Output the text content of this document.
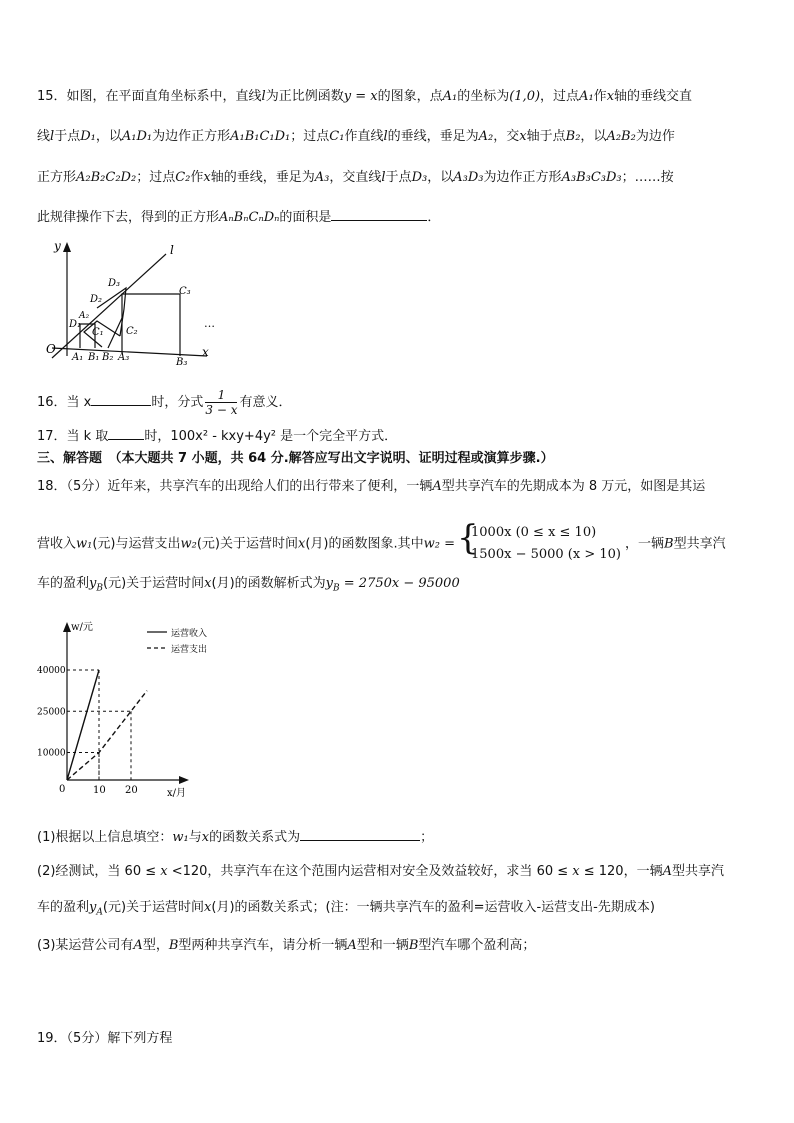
15．如图，在平面直角坐标系中，直线l为正比例函数y = x的图象，点A₁的坐标为(1,0)，过点A₁作x轴的垂线交直
线l于点D₁，以A₁D₁为边作正方形A₁B₁C₁D₁；过点C₁作直线l的垂线，垂足为A₂，交x轴于点B₂，以A₂B₂为边作
正方形A₂B₂C₂D₂；过点C₂作x轴的垂线，垂足为A₃，交直线l于点D₃，以A₃D₃为边作正方形A₃B₃C₃D₃；……按
此规律操作下去，得到的正方形AₙBₙCₙDₙ的面积是	．
y	l
O	x
A₁ B₁ B₂ A₃	B₃
D₁
A₂
C₁
D₂
C₂
D₃
C₃
…
16．当 x	时，分式 $\frac{1}{3 - x}$ 有意义．
17．当 k 取	时，100x² - kxy+4y² 是一个完全平方式．
三、解答题　（本大题共 7 小题，共 64 分.解答应写出文字说明、证明过程或演算步骤.）
18．（5分）近年来，共享汽车的出现给人们的出行带来了便利，一辆A型共享汽车的先期成本为 8 万元，如图是其运
营收入w₁(元)与运营支出w₂(元)关于运营时间x(月)的函数图象.其中w₂ = {
1000x (0 ≤ x ≤ 10)
1500x − 5000 (x > 10)，一辆B型共享汽
车的盈利$y_B$(元)关于运营时间x(月)的函数解析式为$y_B = 2750x - 95000$
40000
25000
10000
10 20
w/元
x/月
0
运营收入
运营支出
(1)根据以上信息填空：w₁与x的函数关系式为	；
(2)经测试，当 60 ≤ x <120，共享汽车在这个范围内运营相对安全及效益较好，求当 60 ≤ x ≤ 120，一辆A型共享汽
车的盈利$y_A$(元)关于运营时间x(月)的函数关系式；(注：一辆共享汽车的盈利=运营收入-运营支出-先期成本)
(3)某运营公司有A型，B型两种共享汽车，请分析一辆A型和一辆B型汽车哪个盈利高；
19．（5分）解下列方程
